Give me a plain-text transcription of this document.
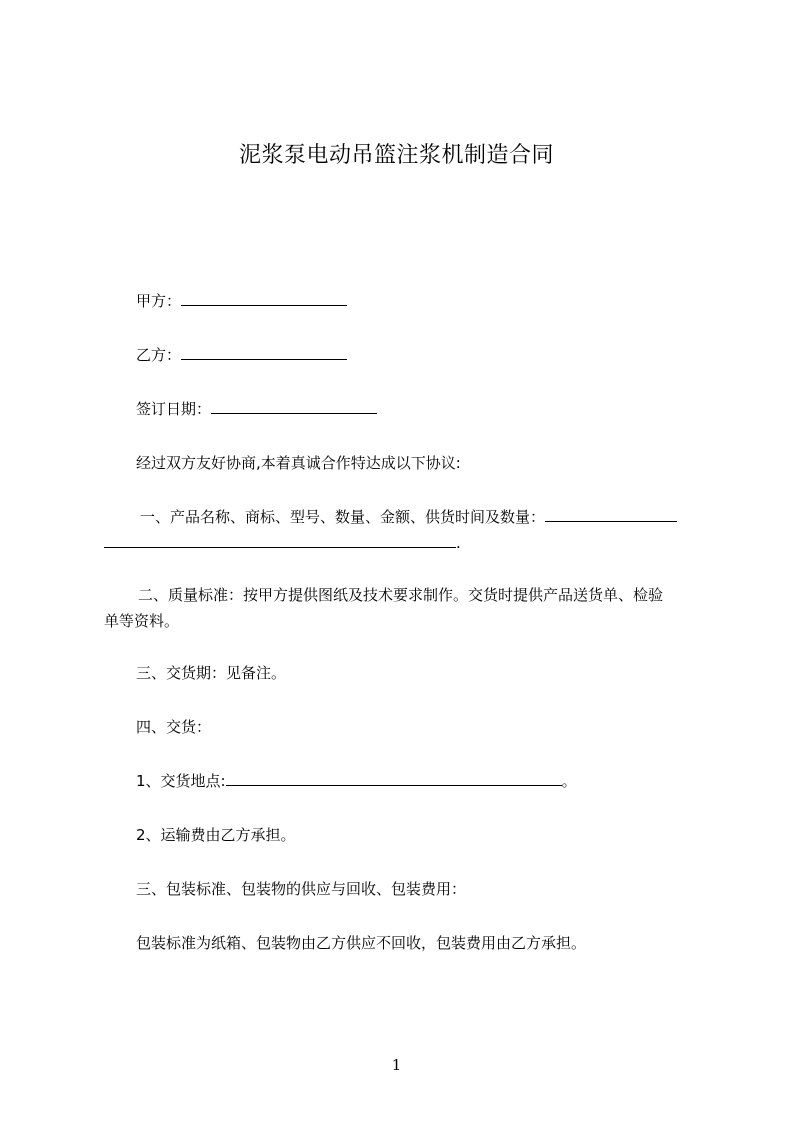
泥浆泵电动吊篮注浆机制造合同
甲方：
乙方：
签订日期：
经过双方友好协商,本着真诚合作特达成以下协议:
一、产品名称、商标、型号、数量、金额、供货时间及数量：
.
二、质量标准：按甲方提供图纸及技术要求制作。交货时提供产品送货单、检验
单等资料。
三、交货期：见备注。
四、交货：
1、交货地点:	。
2、运输费由乙方承担。
三、包装标准、包装物的供应与回收、包装费用：
包装标准为纸箱、包装物由乙方供应不回收，包装费用由乙方承担。
1
